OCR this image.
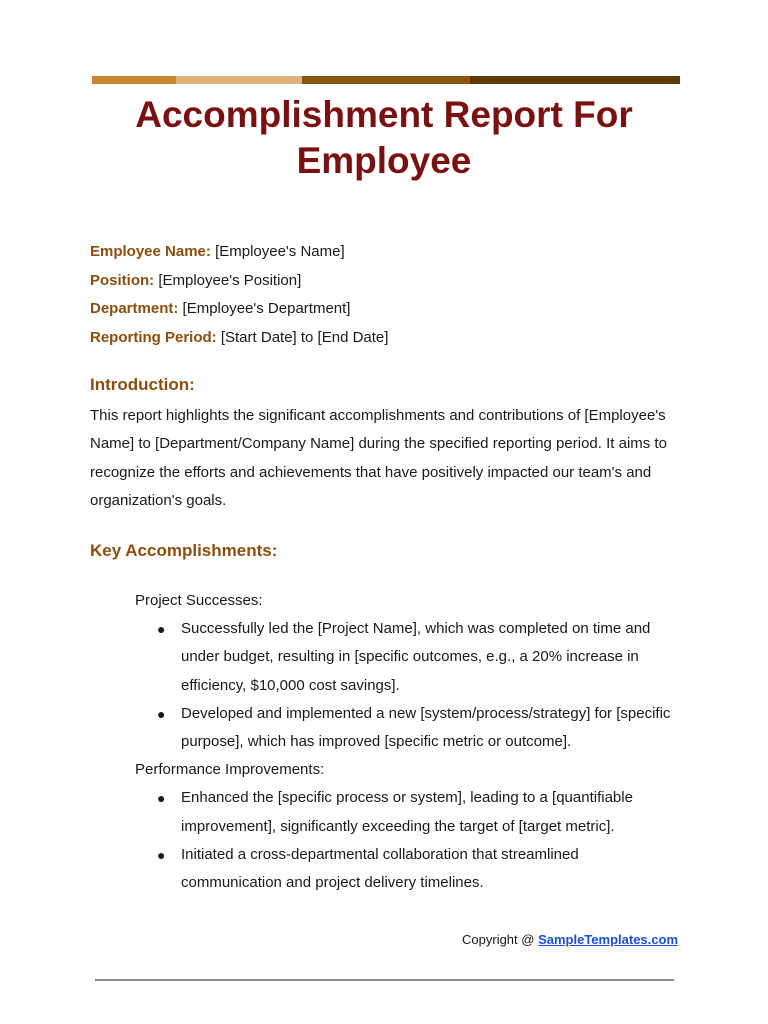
Accomplishment Report For Employee
Employee Name: [Employee's Name]
Position: [Employee's Position]
Department: [Employee's Department]
Reporting Period: [Start Date] to [End Date]
Introduction:

This report highlights the significant accomplishments and contributions of [Employee's Name] to [Department/Company Name] during the specified reporting period. It aims to recognize the efforts and achievements that have positively impacted our team's and organization's goals.

Key Accomplishments:

Project Successes:

● Successfully led the [Project Name], which was completed on time and under budget, resulting in [specific outcomes, e.g., a 20% increase in efficiency, $10,000 cost savings].
● Developed and implemented a new [system/process/strategy] for [specific purpose], which has improved [specific metric or outcome].

Performance Improvements:

● Enhanced the [specific process or system], leading to a [quantifiable improvement], significantly exceeding the target of [target metric].
● Initiated a cross-departmental collaboration that streamlined communication and project delivery timelines.
Copyright @ SampleTemplates.com
